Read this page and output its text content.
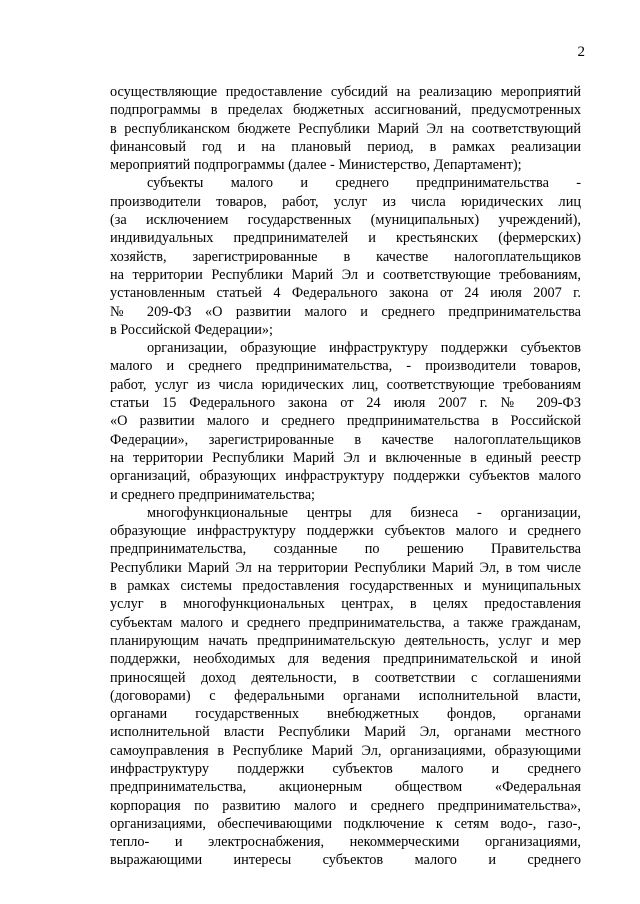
2
осуществляющие предоставление субсидий на реализацию мероприятий
подпрограммы в пределах бюджетных ассигнований, предусмотренных
в республиканском бюджете Республики Марий Эл на соответствующий
финансовый год и на плановый период, в рамках реализации
мероприятий подпрограммы (далее - Министерство, Департамент);
субъекты малого и среднего предпринимательства -
производители товаров, работ, услуг из числа юридических лиц
(за исключением государственных (муниципальных) учреждений),
индивидуальных предпринимателей и крестьянских (фермерских)
хозяйств, зарегистрированные в качестве налогоплательщиков
на территории Республики Марий Эл и соответствующие требованиям,
установленным статьей 4 Федерального закона от 24 июля 2007 г.
№ 209-ФЗ «О развитии малого и среднего предпринимательства
в Российской Федерации»;
организации, образующие инфраструктуру поддержки субъектов
малого и среднего предпринимательства, - производители товаров,
работ, услуг из числа юридических лиц, соответствующие требованиям
статьи 15 Федерального закона от 24 июля 2007 г. № 209-ФЗ
«О развитии малого и среднего предпринимательства в Российской
Федерации», зарегистрированные в качестве налогоплательщиков
на территории Республики Марий Эл и включенные в единый реестр
организаций, образующих инфраструктуру поддержки субъектов малого
и среднего предпринимательства;
многофункциональные центры для бизнеса - организации,
образующие инфраструктуру поддержки субъектов малого и среднего
предпринимательства, созданные по решению Правительства
Республики Марий Эл на территории Республики Марий Эл, в том числе
в рамках системы предоставления государственных и муниципальных
услуг в многофункциональных центрах, в целях предоставления
субъектам малого и среднего предпринимательства, а также гражданам,
планирующим начать предпринимательскую деятельность, услуг и мер
поддержки, необходимых для ведения предпринимательской и иной
приносящей доход деятельности, в соответствии с соглашениями
(договорами) с федеральными органами исполнительной власти,
органами государственных внебюджетных фондов, органами
исполнительной власти Республики Марий Эл, органами местного
самоуправления в Республике Марий Эл, организациями, образующими
инфраструктуру поддержки субъектов малого и среднего
предпринимательства, акционерным обществом «Федеральная
корпорация по развитию малого и среднего предпринимательства»,
организациями, обеспечивающими подключение к сетям водо-, газо-,
тепло- и электроснабжения, некоммерческими организациями,
выражающими интересы субъектов малого и среднего
